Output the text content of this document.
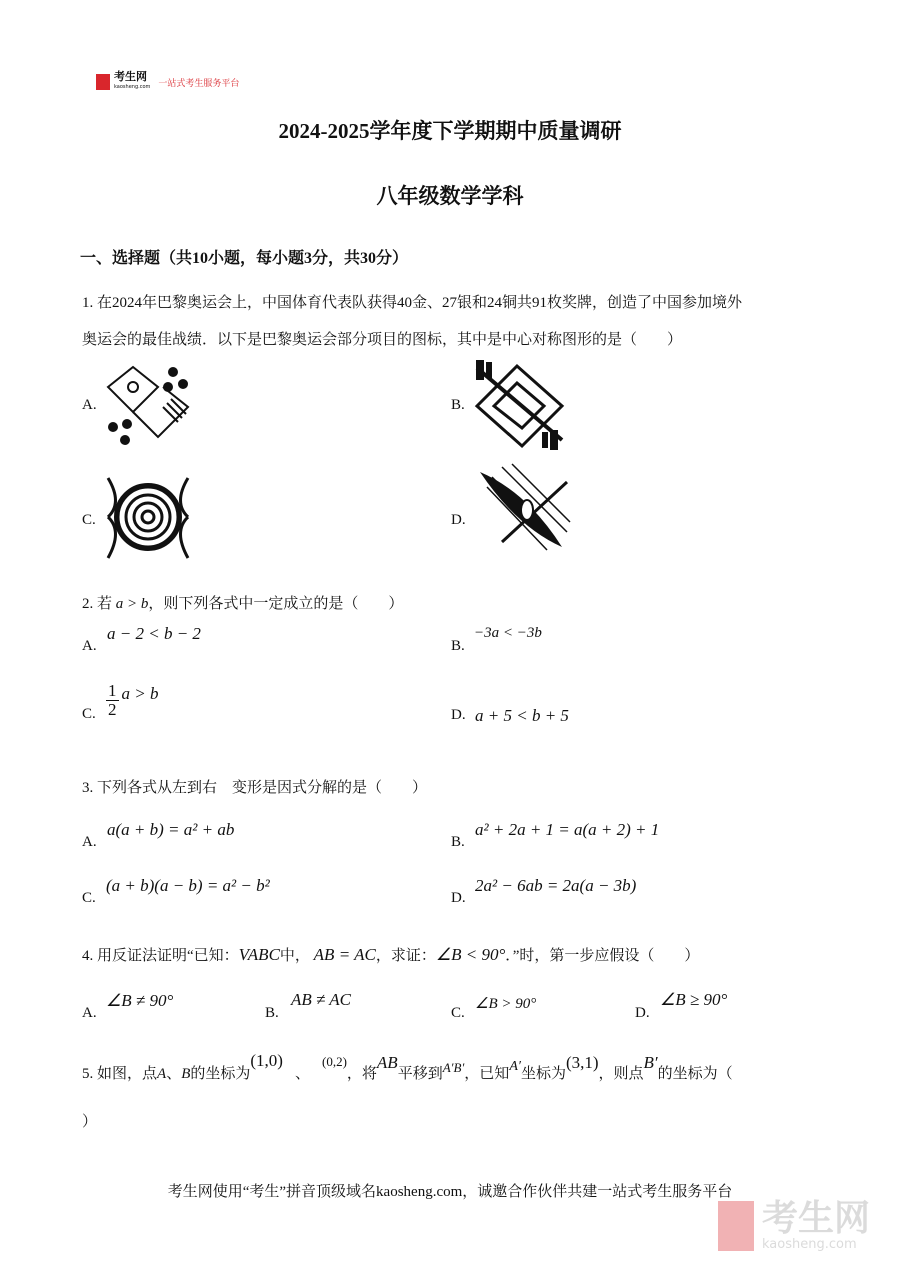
考生网
kaosheng.com 一站式考生服务平台
2024-2025学年度下学期期中质量调研
八年级数学学科
一、选择题（共10小题，每小题3分，共30分）
1. 在2024年巴黎奥运会上，中国体育代表队获得40金、27银和24铜共91枚奖牌，创造了中国参加境外
奥运会的最佳战绩．以下是巴黎奥运会部分项目的图标，其中是中心对称图形的是（　　）
A.	B.
C.	D.
2. 若 a > b，则下列各式中一定成立的是（　　）
A.
a − 2 < b − 2
B.
−3a < −3b
C. $\frac{1}{2}$ a > b
D. a + 5 < b + 5
3. 下列各式从左到右　变形是因式分解的是（　　）
A.
a(a + b) = a² + ab
B.
a² + 2a + 1 = a(a + 2) + 1
C.
(a + b)(a − b) = a² − b²
D.
2a² − 6ab = 2a(a − 3b)
4. 用反证法证明“已知：VABC中， AB = AC，求证：∠B < 90°．”时，第一步应假设（　　）
A.
∠B ≠ 90°
B.
AB ≠ AC
C.
∠B > 90°
D.
∠B ≥ 90°
5. 如图，点A、B的坐标为(1,0)、(0,2)，将AB平移到A′B′，已知A′坐标为(3,1)，则点B′的坐标为（
）
考生网使用“考生”拼音顶级域名kaosheng.com，诚邀合作伙伴共建一站式考生服务平台
考生网
kaosheng.com
